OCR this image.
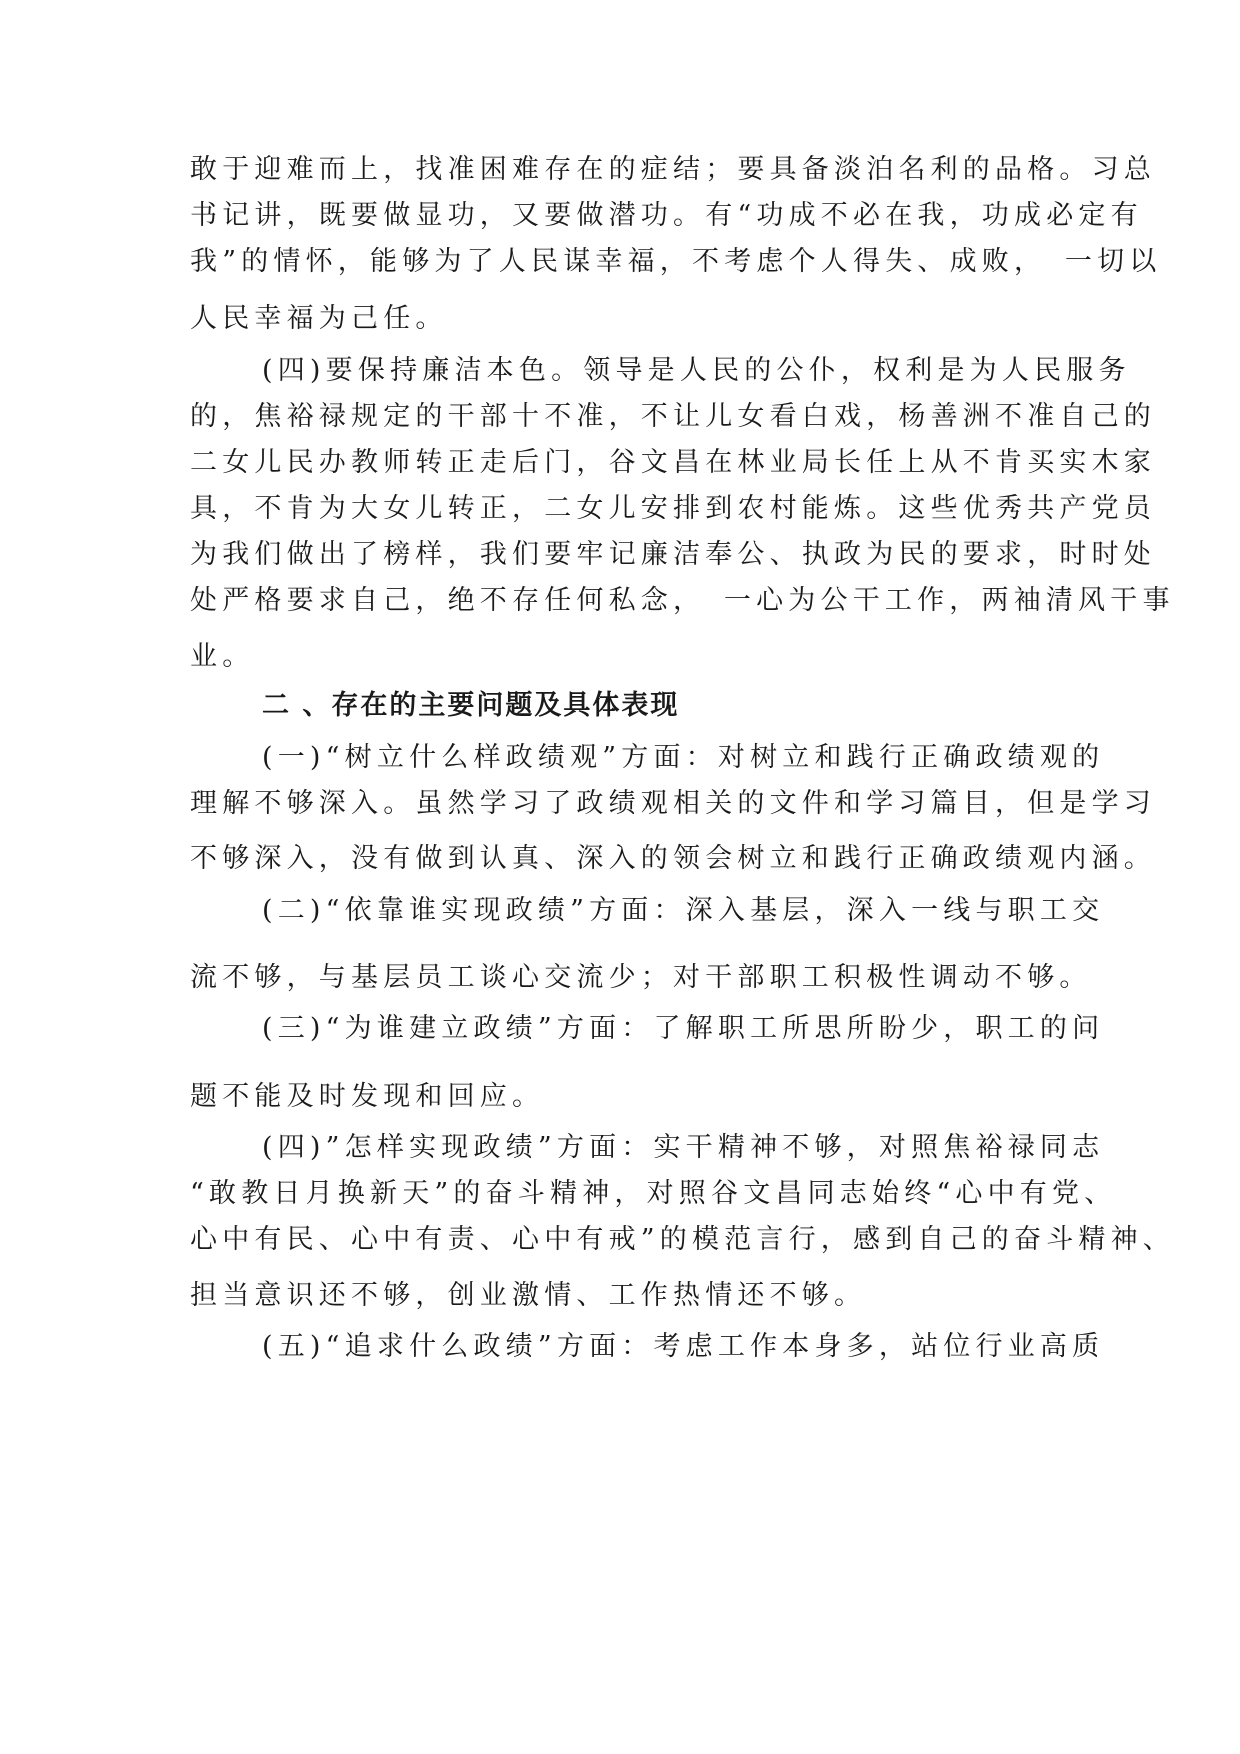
敢于迎难而上，找准困难存在的症结；要具备淡泊名利的品格。习总
书记讲，既要做显功，又要做潜功。有“功成不必在我，功成必定有
我”的情怀，能够为了人民谋幸福，不考虑个人得失、成败，　一切以
人民幸福为己任。
(四)要保持廉洁本色。领导是人民的公仆，权利是为人民服务
的，焦裕禄规定的干部十不准，不让儿女看白戏，杨善洲不准自己的
二女儿民办教师转正走后门，谷文昌在林业局长任上从不肯买实木家
具，不肯为大女儿转正，二女儿安排到农村能炼。这些优秀共产党员
为我们做出了榜样，我们要牢记廉洁奉公、执政为民的要求，时时处
处严格要求自己，绝不存任何私念，　一心为公干工作，两袖清风干事
业。
二 、存在的主要问题及具体表现
(一)“树立什么样政绩观”方面：对树立和践行正确政绩观的
理解不够深入。虽然学习了政绩观相关的文件和学习篇目，但是学习
不够深入，没有做到认真、深入的领会树立和践行正确政绩观内涵。
(二)“依靠谁实现政绩”方面：深入基层，深入一线与职工交
流不够，与基层员工谈心交流少；对干部职工积极性调动不够。
(三)“为谁建立政绩”方面：了解职工所思所盼少，职工的问
题不能及时发现和回应。
(四)”怎样实现政绩”方面：实干精神不够，对照焦裕禄同志
“敢教日月换新天”的奋斗精神，对照谷文昌同志始终“心中有党、
心中有民、心中有责、心中有戒”的模范言行，感到自己的奋斗精神、
担当意识还不够，创业激情、工作热情还不够。
(五)“追求什么政绩”方面：考虑工作本身多，站位行业高质
